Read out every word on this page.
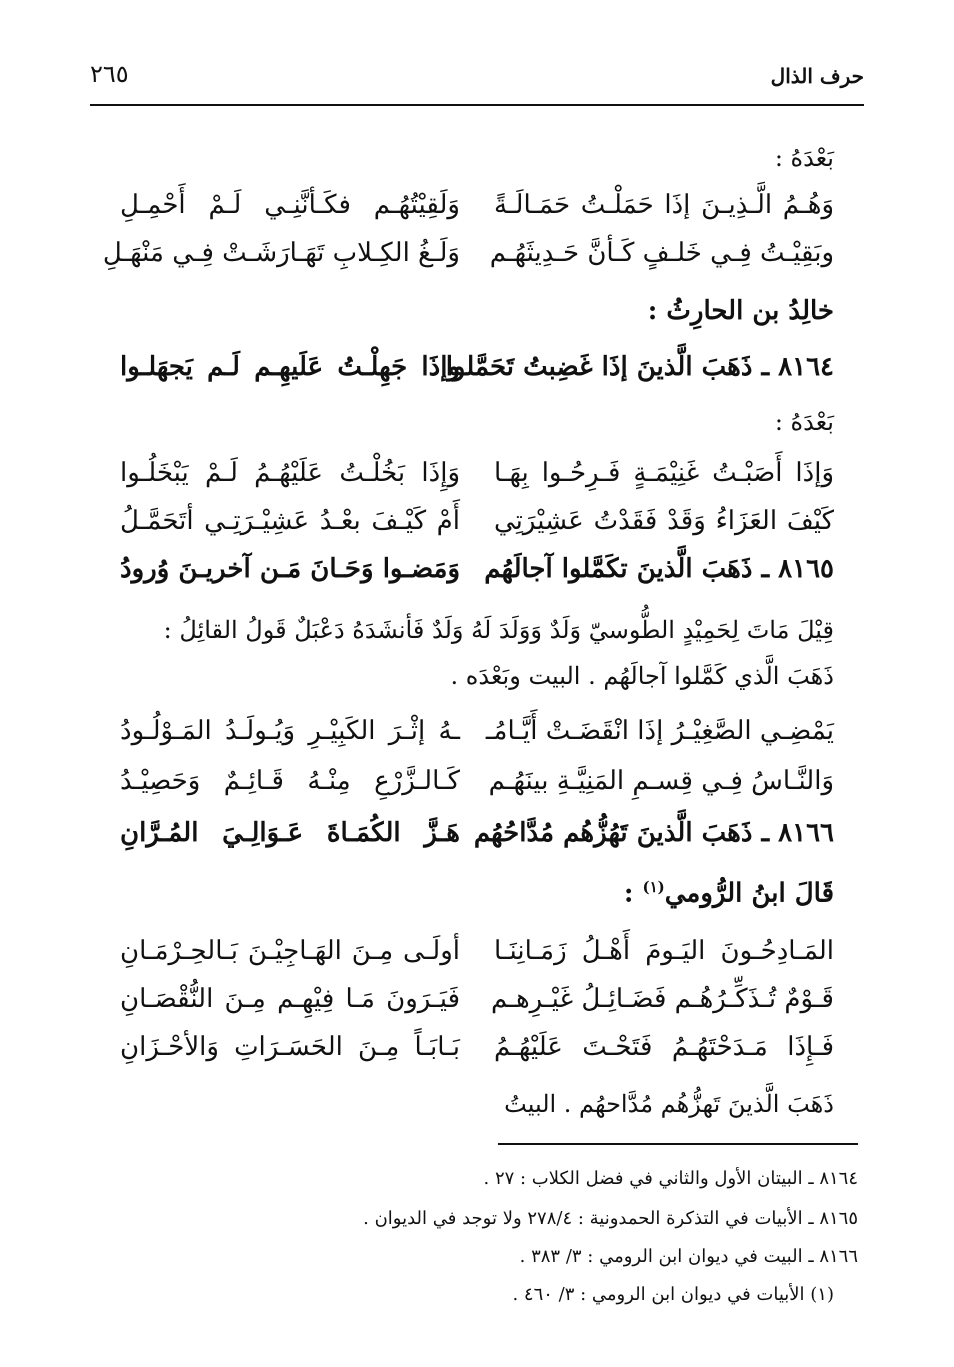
حرف الذال
٢٦٥
بَعْدَهُ :
وَهُـمُ الَّـذِيـنَ إذَا حَمَلْـتُ حَمَـالَـةً
وَلَقِيْتُهُـم فكَـأنَّنِـي لَـمْ أَحْمِـلِ
وبَقِيْـتُ فِـي خَلـفٍ كَـأنَّ حَـدِيثَهُـم
وَلَـغُ الكِـلابِ تَهَـارَشَـتْ فِـي مَنْهَـلِ
خالِدُ بن الحارِثُ :
٨١٦٤ ـ ذَهَبَ الَّذينَ إذَا غَضِبتُ تَحَمَّلوا
وإذَا جَهِلْـتُ عَلَيهِـم لَـم يَجهَلـوا
بَعْدَهُ :
وَإذَا أَصَبْـتُ غَنِيْمَـةٍ فَـرِحُـوا بِهَـا
وَإِذَا بَخُلْـتُ عَلَيْهُـمُ لَـمْ يَبْخَلُـوا
كَيْفَ العَزَاءُ وَقَدْ فَقَدْتُ عَشِيْرَتِي
أَمْ كَيْـفَ بعْـدُ عَشِيْـرَتِـي أتَحَمَّـلُ
٨١٦٥ ـ ذَهَبَ الَّذينَ تكَمَّلوا آجالَهُم
وَمَضـوا وَحَـانَ مَـن آخريـنَ وُرودُ
قِيْلَ مَاتَ لِحَمِيْدٍ الطُّوسيّ وَلَدٌ وَوَلَدَ لَهُ وَلَدٌ فَأنشَدَهُ دَعْبَلٌ قَولُ القائِلُ :
ذَهَبَ الَّذي كَمَّلوا آجالَهُم . البيت وبَعْدَه .
يَمْضِـي الصَّغِيْـرُ إذَا انْقَضَـتْ أَيَّـامُـ
ـهُ إثْـرَ الكَبِيْـرِ وَيُـولَـدُ المَـوْلُـودُ
وَالنَّـاسُ فِـي قِسـمِ المَنِيَّـةِ بينَهُـم
كَـالـزَّرْعِ مِنْـهُ قَـائِـمٌ وَحَصِيْـدُ
٨١٦٦ ـ ذَهَبَ الَّذينَ تَهُزُّهُم مُدَّاحُهُم
هَـزَّ الكُمَـاةَ عَـوَالِـيَ المُـرَّانِ
قَالَ ابنُ الرُّومي$^{(١)}$ :
المَـادِحُـونَ اليَـومَ أَهْـلُ زَمَـانِنَـا
أولَـى مِـنَ الهَـاجِيْـنَ بَـالحِـرْمَـانِ
قَـوْمٌ تُـذَكِّـرُهُـم فَضَـائِـلُ غَيْـرِهـم
فَيَـرَونَ مَـا فِيْهِـم مِـنَ النُّقْصَـانِ
فَـإِذَا مَـدَحْتَهُـمُ فَتَحْـتَ عَلَيْهُـمُ
بَـابَـاً مِـنَ الحَسَـرَاتِ وَالأحْـزَانِ
ذَهَبَ الَّذينَ تَهزُّهُم مُدَّاحهُم . البيتُ
٨١٦٤ ـ البيتان الأول والثاني في فضل الكلاب : ٢٧ .
٨١٦٥ ـ الأبيات في التذكرة الحمدونية : ٢٧٨/٤ ولا توجد في الديوان .
٨١٦٦ ـ البيت في ديوان ابن الرومي : ٣/ ٣٨٣ .
(١) الأبيات في ديوان ابن الرومي : ٣/ ٤٦٠ .
